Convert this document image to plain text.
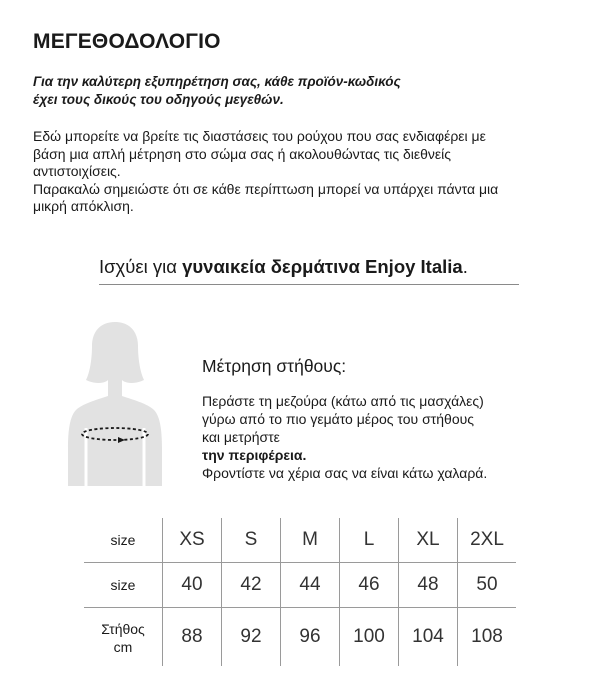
ΜΕΓΕΘΟΔΟΛΟΓΙΟ
Για την καλύτερη εξυπηρέτηση σας, κάθε προϊόν-κωδικός
έχει τους δικούς του οδηγούς μεγεθών.
Εδώ μπορείτε να βρείτε τις διαστάσεις του ρούχου που σας ενδιαφέρει με
βάση μια απλή μέτρηση στο σώμα σας ή ακολουθώντας τις διεθνείς
αντιστοιχίσεις.
Παρακαλώ σημειώστε ότι σε κάθε περίπτωση μπορεί να υπάρχει πάντα μια
μικρή απόκλιση.
Ισχύει για γυναικεία δερμάτινα Enjoy Italia.
Μέτρηση στήθους:
Περάστε τη μεζούρα (κάτω από τις μασχάλες)
γύρω από το πιο γεμάτο μέρος του στήθους
και μετρήστε
την περιφέρεια.
Φροντίστε να χέρια σας να είναι κάτω χαλαρά.
size	XS	S	M	L	XL	2XL
size	40	42	44	46	48	50

Στήθος
cm	88	92	96	100	104	108
